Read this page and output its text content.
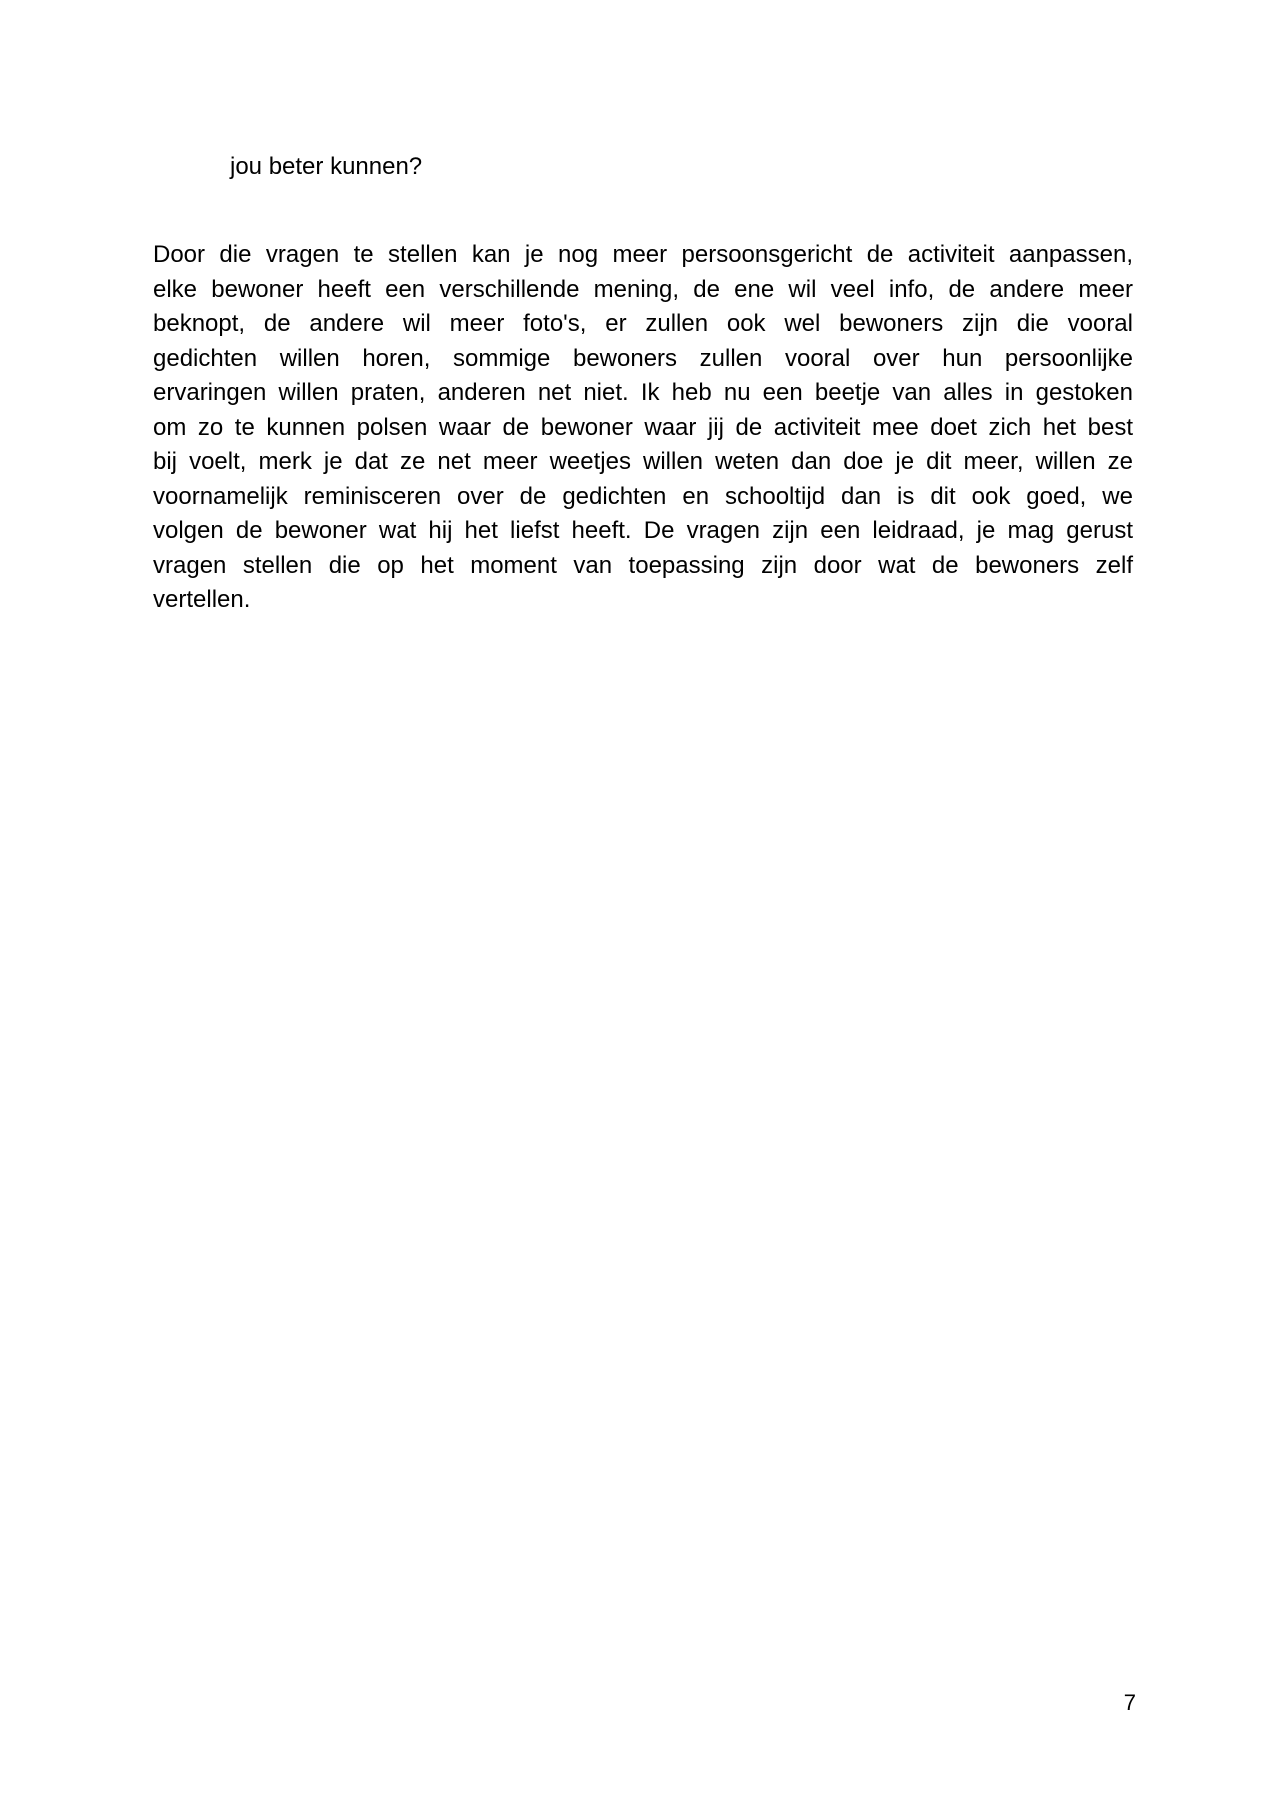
jou beter kunnen?
Door die vragen te stellen kan je nog meer persoonsgericht de activiteit aanpassen,
elke bewoner heeft een verschillende mening, de ene wil veel info, de andere meer
beknopt, de andere wil meer foto's, er zullen ook wel bewoners zijn die vooral
gedichten willen horen, sommige bewoners zullen vooral over hun persoonlijke
ervaringen willen praten, anderen net niet. Ik heb nu een beetje van alles in gestoken
om zo te kunnen polsen waar de bewoner waar jij de activiteit mee doet zich het best
bij voelt, merk je dat ze net meer weetjes willen weten dan doe je dit meer, willen ze
voornamelijk reminisceren over de gedichten en schooltijd dan is dit ook goed, we
volgen de bewoner wat hij het liefst heeft. De vragen zijn een leidraad, je mag gerust
vragen stellen die op het moment van toepassing zijn door wat de bewoners zelf
vertellen.
7
